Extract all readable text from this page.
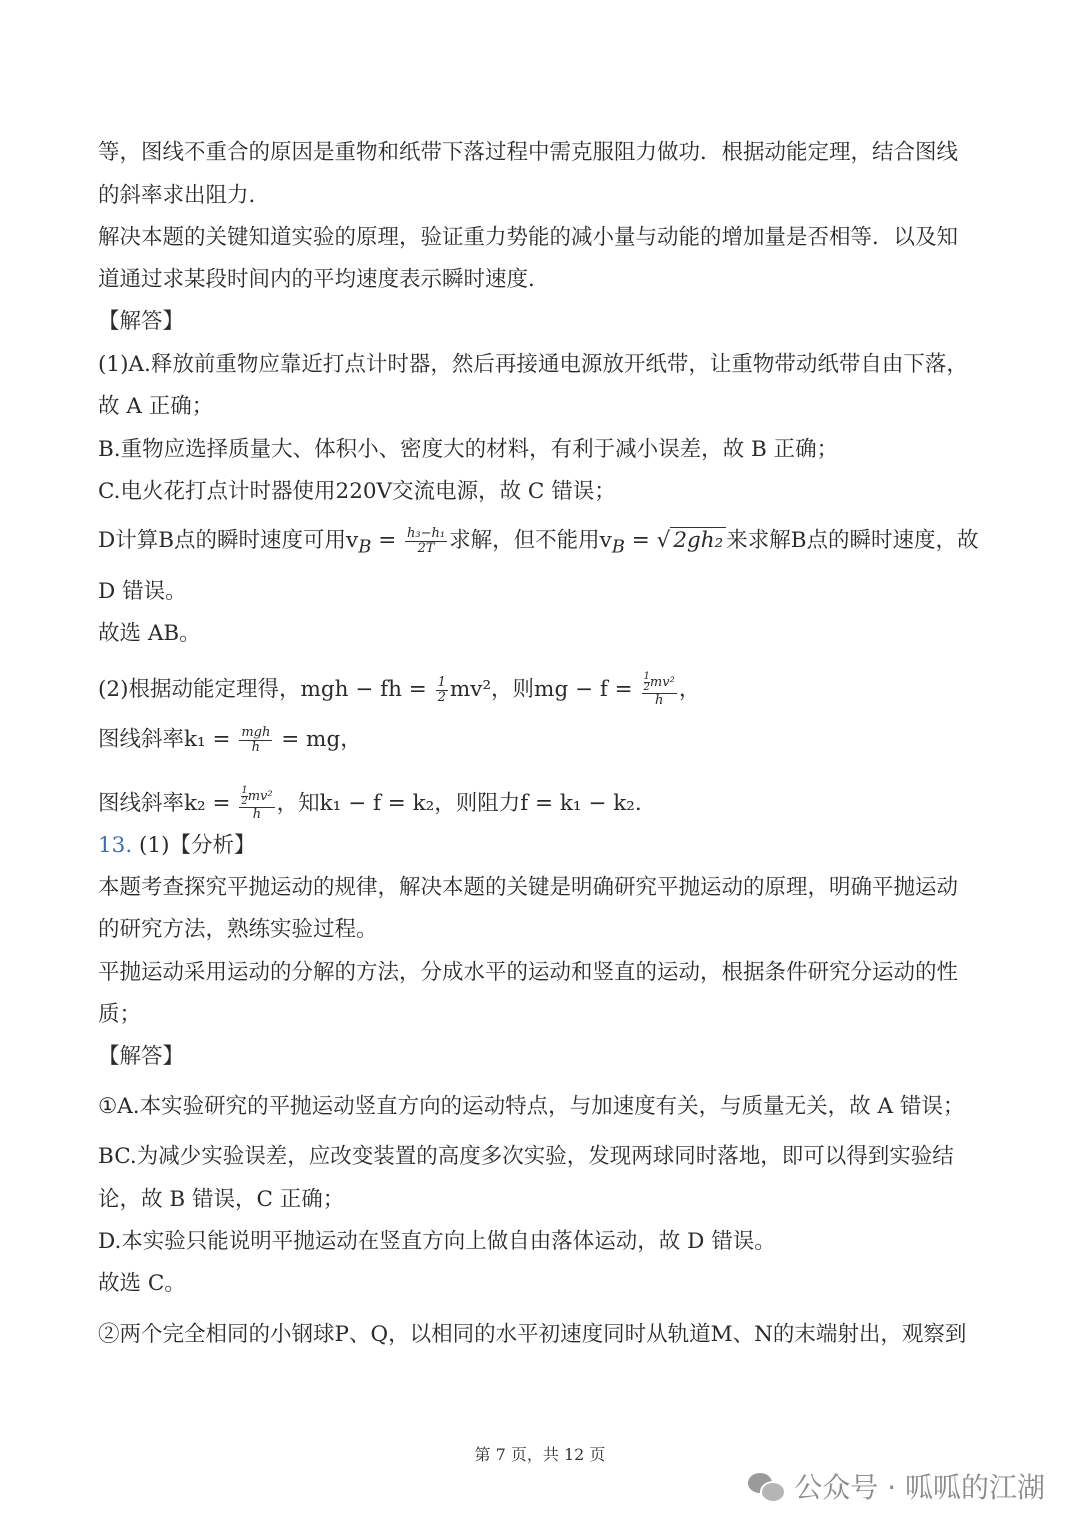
等，图线不重合的原因是重物和纸带下落过程中需克服阻力做功．根据动能定理，结合图线
的斜率求出阻力．
解决本题的关键知道实验的原理，验证重力势能的减小量与动能的增加量是否相等．以及知
道通过求某段时间内的平均速度表示瞬时速度．
【解答】
(1)A.释放前重物应靠近打点计时器，然后再接通电源放开纸带，让重物带动纸带自由下落，
故 A 正确；
B.重物应选择质量大、体积小、密度大的材料，有利于减小误差，故 B 正确；
C.电火花打点计时器使用220V交流电源，故 C 错误；
D计算B点的瞬时速度可用$v_B = \frac{\text{h₃−h₁}}{2T}$ 求解，但不能用$v_B$ = √ 2gh₂ 来求解B点的瞬时速度，故
D 错误。
故选 AB。
(2)根据动能定理得，mgh − fh = $\frac{1}{2} mv^2$，则mg − $f = \frac{\frac{1}{2} mv^2}{h}$ ，
图线斜率$k_1 = \frac{\text{mgh}}{h}$ = mg，
图线斜率$k_2 = \frac{\frac{1}{2} mv^2}{h}$ ，知k₁ − f = k₂，则阻力f = k₁ − k₂.
13. (1)【分析】
本题考查探究平抛运动的规律，解决本题的关键是明确研究平抛运动的原理，明确平抛运动
的研究方法，熟练实验过程。
平抛运动采用运动的分解的方法，分成水平的运动和竖直的运动，根据条件研究分运动的性
质；
【解答】
①A.本实验研究的平抛运动竖直方向的运动特点，与加速度有关，与质量无关，故 A 错误；
BC.为减少实验误差，应改变装置的高度多次实验，发现两球同时落地，即可以得到实验结
论，故 B 错误，C 正确；
D.本实验只能说明平抛运动在竖直方向上做自由落体运动，故 D 错误。
故选 C。
②两个完全相同的小钢球P、Q，以相同的水平初速度同时从轨道M、N的末端射出，观察到
第 7 页，共 12 页
公众号 · 呱呱的江湖
